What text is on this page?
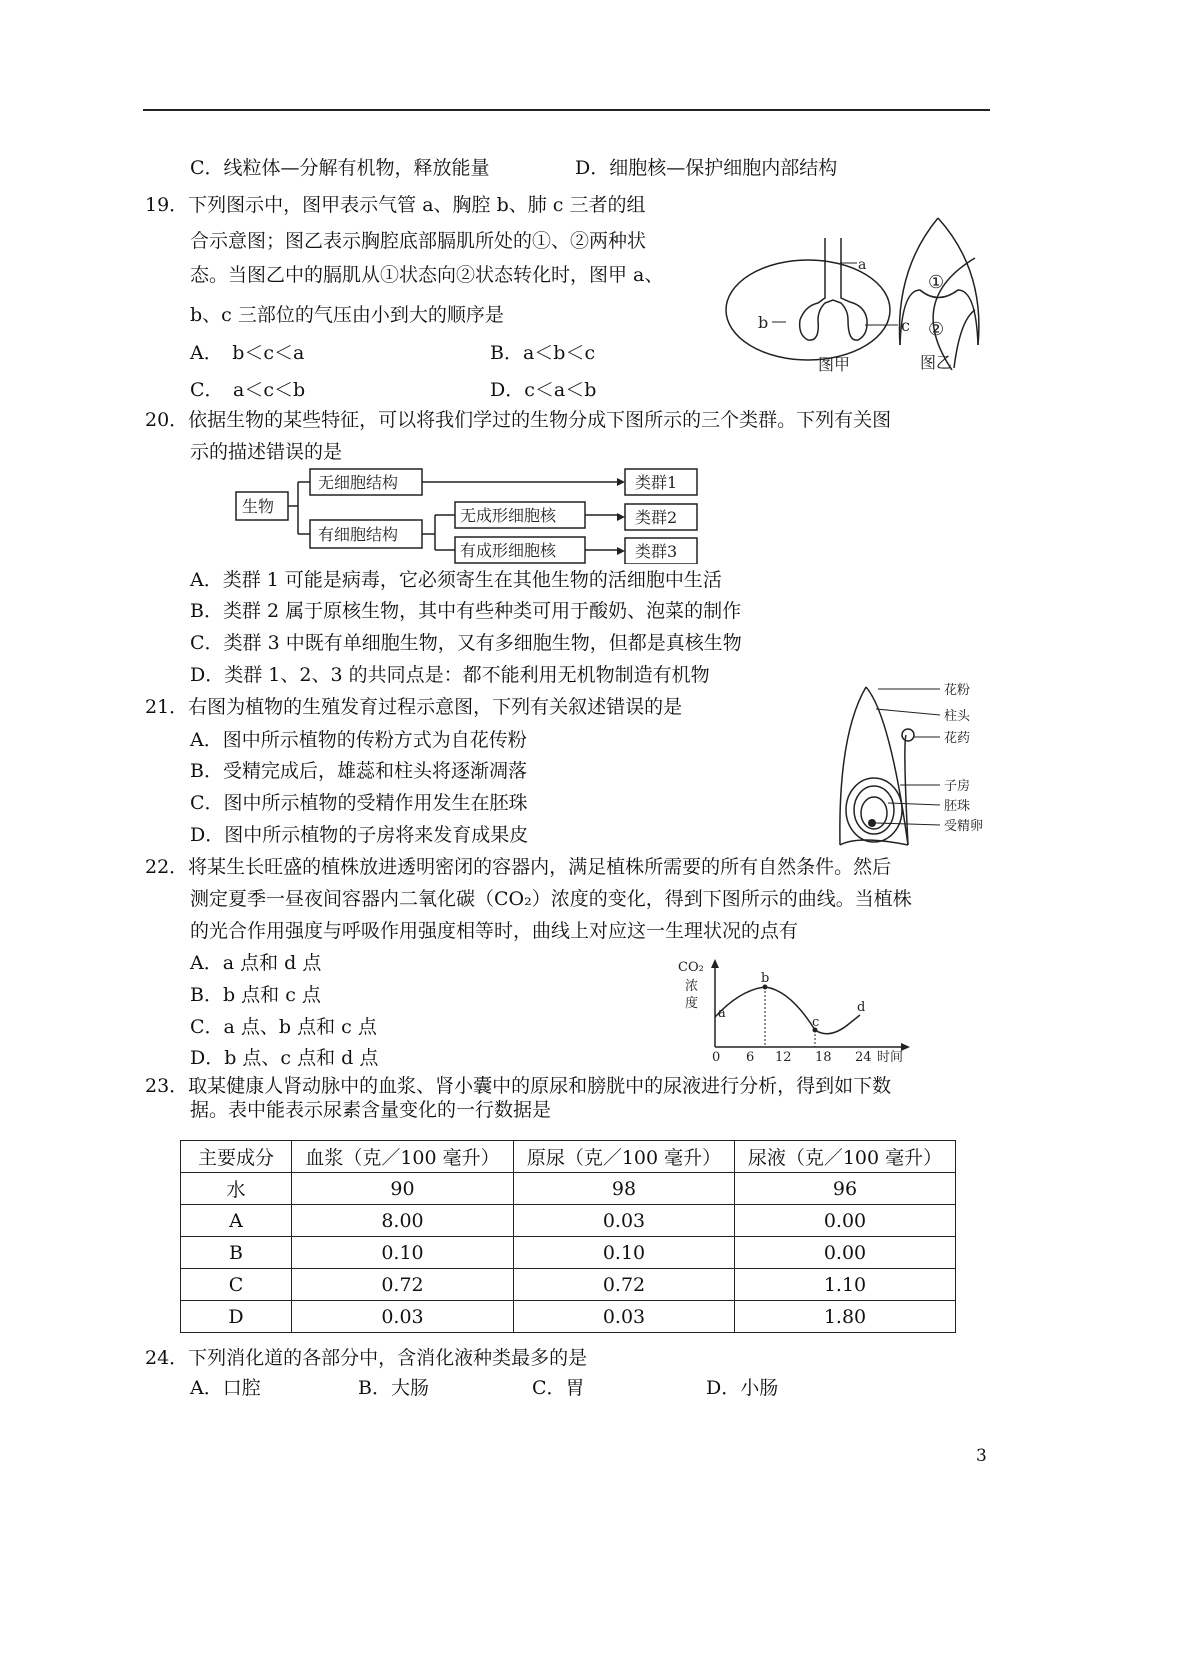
C．线粒体—分解有机物，释放能量	D．细胞核—保护细胞内部结构
19．下列图示中，图甲表示气管 a、胸腔 b、肺 c 三者的组
合示意图；图乙表示胸腔底部膈肌所处的①、②两种状
态。当图乙中的膈肌从①状态向②状态转化时，图甲 a、
b、c 三部位的气压由小到大的顺序是
A．　b＜c＜a	B．a＜b＜c
C．　a＜c＜b	D．c＜a＜b
a
b	c
图甲
①
②
图乙
20．依据生物的某些特征，可以将我们学过的生物分成下图所示的三个类群。下列有关图
示的描述错误的是
生物
无细胞结构
有细胞结构
无成形细胞核
有成形细胞核
类群1
类群2
类群3
A．类群 1 可能是病毒，它必须寄生在其他生物的活细胞中生活
B．类群 2 属于原核生物，其中有些种类可用于酸奶、泡菜的制作
C．类群 3 中既有单细胞生物，又有多细胞生物，但都是真核生物
D．类群 1、2、3 的共同点是：都不能利用无机物制造有机物
21．右图为植物的生殖发育过程示意图，下列有关叙述错误的是
A．图中所示植物的传粉方式为自花传粉
B．受精完成后，雄蕊和柱头将逐渐凋落
C．图中所示植物的受精作用发生在胚珠
D．图中所示植物的子房将来发育成果皮
花粉
柱头
花药
子房
胚珠
受精卵
22．将某生长旺盛的植株放进透明密闭的容器内，满足植株所需要的所有自然条件。然后
测定夏季一昼夜间容器内二氧化碳（CO₂）浓度的变化，得到下图所示的曲线。当植株
的光合作用强度与呼吸作用强度相等时，曲线上对应这一生理状况的点有
A．a 点和 d 点
B．b 点和 c 点
C．a 点、b 点和 c 点
D．b 点、c 点和 d 点
CO₂
浓
度
a
b
c
d
0 6 12 18 24 时间
23．取某健康人肾动脉中的血浆、肾小囊中的原尿和膀胱中的尿液进行分析，得到如下数
据。表中能表示尿素含量变化的一行数据是
主要成分	血浆（克／100 毫升）	原尿（克／100 毫升）	尿液（克／100 毫升）
水	90	98	96
A	8.00	0.03	0.00
B	0.10	0.10	0.00
C	0.72	0.72	1.10
D	0.03	0.03	1.80
24．下列消化道的各部分中，含消化液种类最多的是
A．口腔	B．大肠	C．胃	D．小肠
3
